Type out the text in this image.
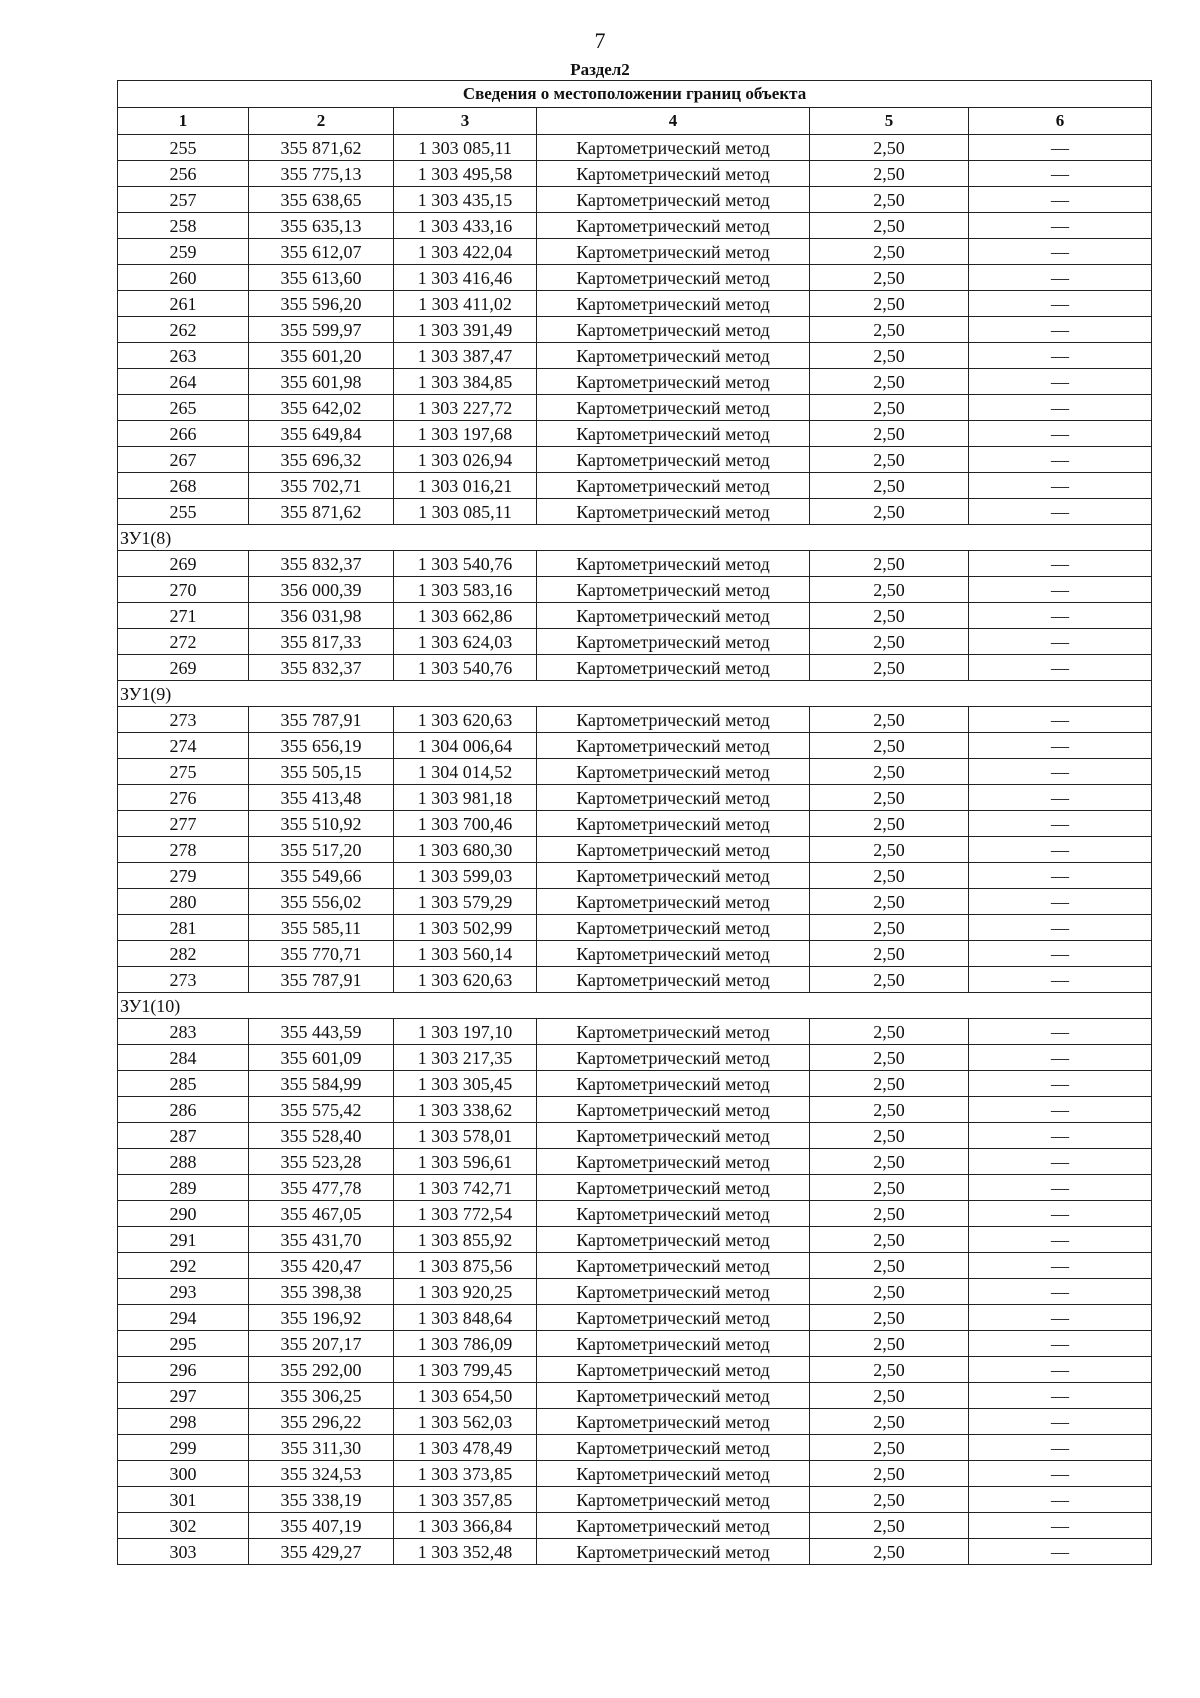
7
Раздел2
Сведения о местоположении границ объекта					
1	2	3	4	5	6
255	355 871,62	1 303 085,11	Картометрический метод	2,50	—
256	355 775,13	1 303 495,58	Картометрический метод	2,50	—
257	355 638,65	1 303 435,15	Картометрический метод	2,50	—
258	355 635,13	1 303 433,16	Картометрический метод	2,50	—
259	355 612,07	1 303 422,04	Картометрический метод	2,50	—
260	355 613,60	1 303 416,46	Картометрический метод	2,50	—
261	355 596,20	1 303 411,02	Картометрический метод	2,50	—
262	355 599,97	1 303 391,49	Картометрический метод	2,50	—
263	355 601,20	1 303 387,47	Картометрический метод	2,50	—
264	355 601,98	1 303 384,85	Картометрический метод	2,50	—
265	355 642,02	1 303 227,72	Картометрический метод	2,50	—
266	355 649,84	1 303 197,68	Картометрический метод	2,50	—
267	355 696,32	1 303 026,94	Картометрический метод	2,50	—
268	355 702,71	1 303 016,21	Картометрический метод	2,50	—
255	355 871,62	1 303 085,11	Картометрический метод	2,50	—
ЗУ1(8)					
269	355 832,37	1 303 540,76	Картометрический метод	2,50	—
270	356 000,39	1 303 583,16	Картометрический метод	2,50	—
271	356 031,98	1 303 662,86	Картометрический метод	2,50	—
272	355 817,33	1 303 624,03	Картометрический метод	2,50	—
269	355 832,37	1 303 540,76	Картометрический метод	2,50	—
ЗУ1(9)					
273	355 787,91	1 303 620,63	Картометрический метод	2,50	—
274	355 656,19	1 304 006,64	Картометрический метод	2,50	—
275	355 505,15	1 304 014,52	Картометрический метод	2,50	—
276	355 413,48	1 303 981,18	Картометрический метод	2,50	—
277	355 510,92	1 303 700,46	Картометрический метод	2,50	—
278	355 517,20	1 303 680,30	Картометрический метод	2,50	—
279	355 549,66	1 303 599,03	Картометрический метод	2,50	—
280	355 556,02	1 303 579,29	Картометрический метод	2,50	—
281	355 585,11	1 303 502,99	Картометрический метод	2,50	—
282	355 770,71	1 303 560,14	Картометрический метод	2,50	—
273	355 787,91	1 303 620,63	Картометрический метод	2,50	—
ЗУ1(10)					
283	355 443,59	1 303 197,10	Картометрический метод	2,50	—
284	355 601,09	1 303 217,35	Картометрический метод	2,50	—
285	355 584,99	1 303 305,45	Картометрический метод	2,50	—
286	355 575,42	1 303 338,62	Картометрический метод	2,50	—
287	355 528,40	1 303 578,01	Картометрический метод	2,50	—
288	355 523,28	1 303 596,61	Картометрический метод	2,50	—
289	355 477,78	1 303 742,71	Картометрический метод	2,50	—
290	355 467,05	1 303 772,54	Картометрический метод	2,50	—
291	355 431,70	1 303 855,92	Картометрический метод	2,50	—
292	355 420,47	1 303 875,56	Картометрический метод	2,50	—
293	355 398,38	1 303 920,25	Картометрический метод	2,50	—
294	355 196,92	1 303 848,64	Картометрический метод	2,50	—
295	355 207,17	1 303 786,09	Картометрический метод	2,50	—
296	355 292,00	1 303 799,45	Картометрический метод	2,50	—
297	355 306,25	1 303 654,50	Картометрический метод	2,50	—
298	355 296,22	1 303 562,03	Картометрический метод	2,50	—
299	355 311,30	1 303 478,49	Картометрический метод	2,50	—
300	355 324,53	1 303 373,85	Картометрический метод	2,50	—
301	355 338,19	1 303 357,85	Картометрический метод	2,50	—
302	355 407,19	1 303 366,84	Картометрический метод	2,50	—
303	355 429,27	1 303 352,48	Картометрический метод	2,50	—
